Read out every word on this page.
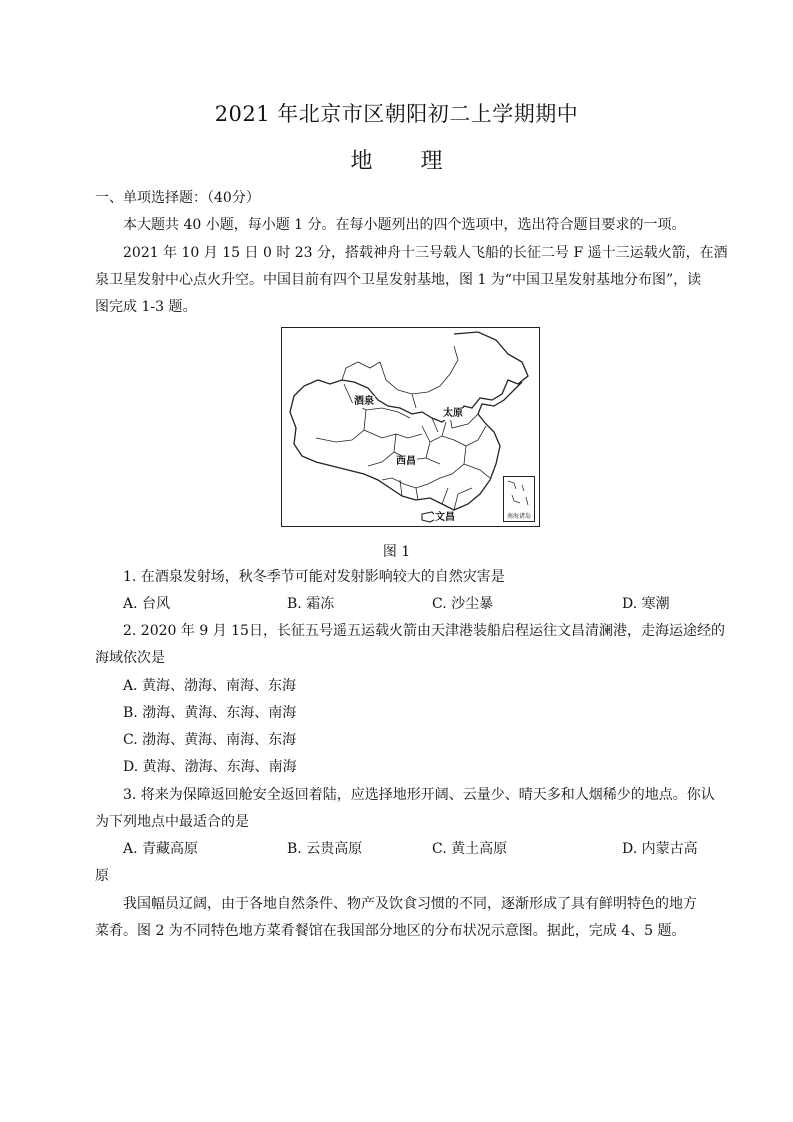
2021 年北京市区朝阳初二上学期期中
地 理
一、单项选择题：（40分）
本大题共 40 小题，每小题 1 分。在每小题列出的四个选项中，选出符合题目要求的一项。
2021 年 10 月 15 日 0 时 23 分，搭载神舟十三号载人飞船的长征二号 F 遥十三运载火箭，在酒
泉卫星发射中心点火升空。中国目前有四个卫星发射基地，图 1 为“中国卫星发射基地分布图”，读
图完成 1-3 题。
酒泉
太原
西昌
文昌	南海诸岛
图 1
1. 在酒泉发射场，秋冬季节可能对发射影响较大的自然灾害是
A. 台风	B. 霜冻	C. 沙尘暴	D. 寒潮
2. 2020 年 9 月 15日，长征五号遥五运载火箭由天津港装船启程运往文昌清澜港，走海运途经的
海域依次是
A. 黄海、渤海、南海、东海
B. 渤海、黄海、东海、南海
C. 渤海、黄海、南海、东海
D. 黄海、渤海、东海、南海
3. 将来为保障返回舱安全返回着陆，应选择地形开阔、云量少、晴天多和人烟稀少的地点。你认
为下列地点中最适合的是
A. 青藏高原	B. 云贵高原	C. 黄土高原	D. 内蒙古高
原
我国幅员辽阔，由于各地自然条件、物产及饮食习惯的不同，逐渐形成了具有鲜明特色的地方
菜肴。图 2 为不同特色地方菜肴餐馆在我国部分地区的分布状况示意图。据此，完成 4、5 题。
